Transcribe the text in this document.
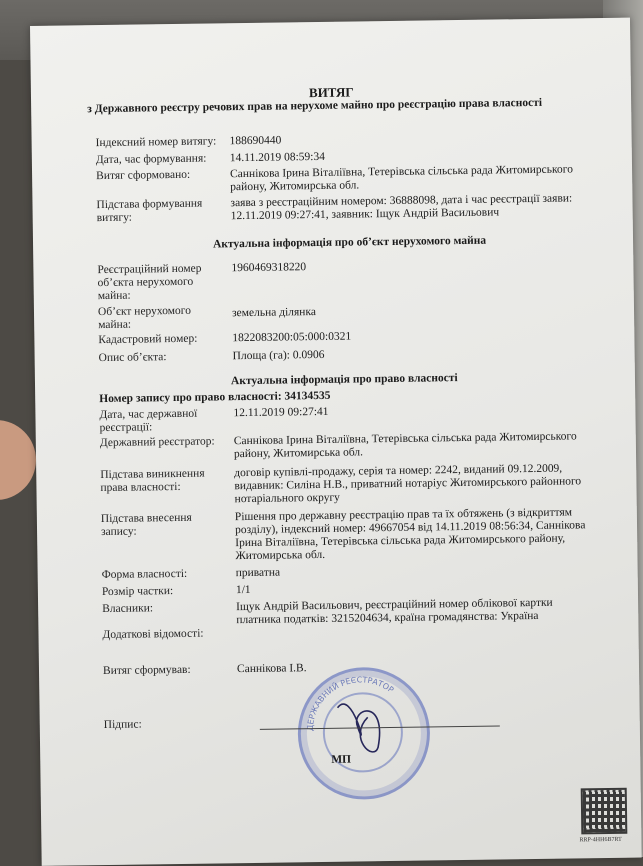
ВИТЯГ
з Державного реєстру речових прав на нерухоме майно про реєстрацію права власності
Індексний номер витягу: 188690440
Дата, час формування: 14.11.2019 08:59:34
Витяг сформовано:	Саннікова Ірина Віталіївна, Тетерівська сільська рада Житомирського району, Житомирська обл.
Підстава формування витягу:
заява з реєстраційним номером: 36888098, дата і час реєстрації заяви: 12.11.2019 09:27:41, заявник: Іщук Андрій Васильович
Актуальна інформація про об’єкт нерухомого майна
Реєстраційний номер об’єкта нерухомого майна:
1960469318220
Об’єкт нерухомого майна:
земельна ділянка
Кадастровий номер:	1822083200:05:000:0321
Опис об’єкта:	Площа (га): 0.0906
Актуальна інформація про право власності
Номер запису про право власності: 34134535
Дата, час державної реєстрації:
12.11.2019 09:27:41
Державний реєстратор: Саннікова Ірина Віталіївна, Тетерівська сільська рада Житомирського району, Житомирська обл.
Підстава виникнення права власності:
договір купівлі-продажу, серія та номер: 2242, виданий 09.12.2009, видавник: Силіна Н.В., приватний нотаріус Житомирського районного нотаріального округу
Підстава внесення запису:
Рішення про державну реєстрацію прав та їх обтяжень (з відкриттям розділу), індексний номер: 49667054 від 14.11.2019 08:56:34, Саннікова Ірина Віталіївна, Тетерівська сільська рада Житомирського району, Житомирська обл.
Форма власності:	приватна
Розмір частки:	1/1
Власники:	Іщук Андрій Васильович, реєстраційний номер облікової картки платника податків: 3215204634, країна громадянства: Україна
Додаткові відомості:
Витяг сформував:	Саннікова І.В.
ДЕРЖАВНИЙ РЕЄСТРАТОР
Підпис:
МП
RRP-4HH6B7RT
